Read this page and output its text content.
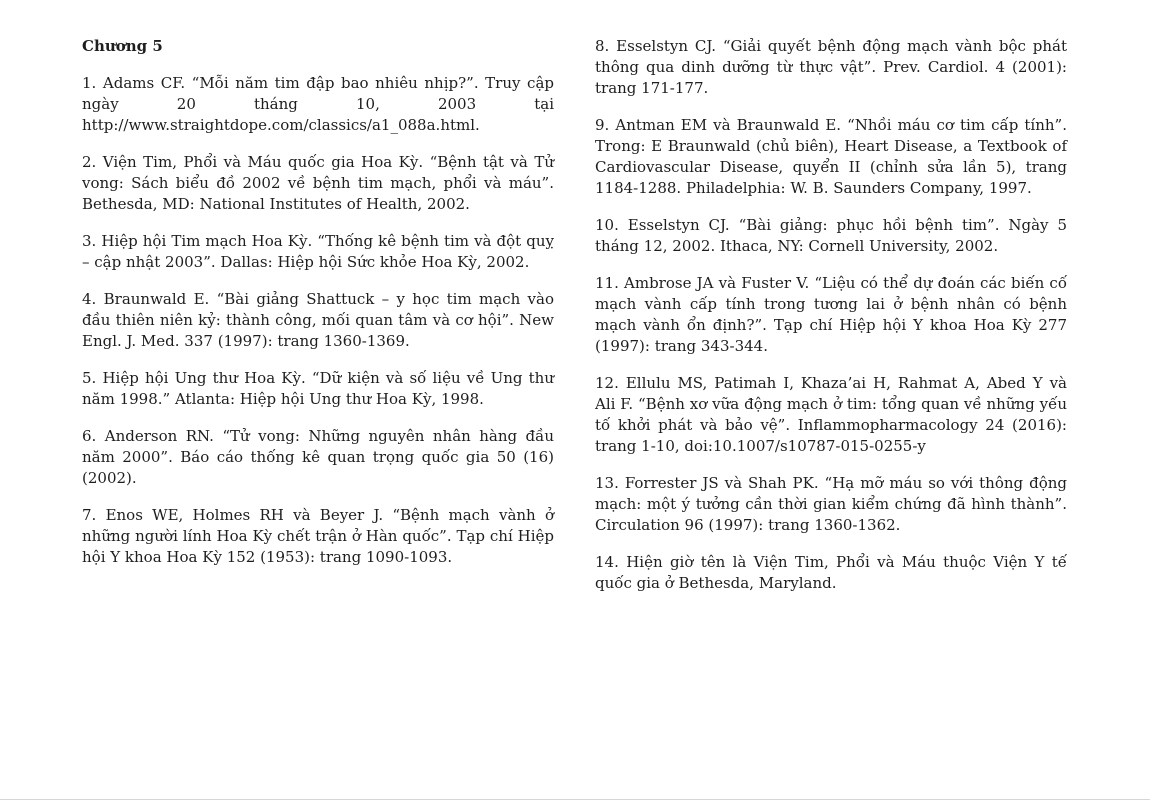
Chương 5

1. Adams CF. “Mỗi năm tim đập bao nhiêu nhịp?”. Truy cập ngày 20 tháng 10, 2003 tại http://www.straightdope.com/classics/a1_088a.html.

2. Viện Tim, Phổi và Máu quốc gia Hoa Kỳ. “Bệnh tật và Tử vong: Sách biểu đồ 2002 về bệnh tim mạch, phổi và máu”. Bethesda, MD: National Institutes of Health, 2002.

3. Hiệp hội Tim mạch Hoa Kỳ. “Thống kê bệnh tim và đột quỵ – cập nhật 2003”. Dallas: Hiệp hội Sức khỏe Hoa Kỳ, 2002.

4. Braunwald E. “Bài giảng Shattuck – y học tim mạch vào đầu thiên niên kỷ: thành công, mối quan tâm và cơ hội”. New Engl. J. Med. 337 (1997): trang 1360-1369.

5. Hiệp hội Ung thư Hoa Kỳ. “Dữ kiện và số liệu về Ung thư năm 1998.” Atlanta: Hiệp hội Ung thư Hoa Kỳ, 1998.

6. Anderson RN. “Tử vong: Những nguyên nhân hàng đầu năm 2000”. Báo cáo thống kê quan trọng quốc gia 50 (16) (2002).

7. Enos WE, Holmes RH và Beyer J. “Bệnh mạch vành ở những người lính Hoa Kỳ chết trận ở Hàn quốc”. Tạp chí Hiệp hội Y khoa Hoa Kỳ 152 (1953): trang 1090-1093.

8. Esselstyn CJ. “Giải quyết bệnh động mạch vành bộc phát thông qua dinh dưỡng từ thực vật”. Prev. Cardiol. 4 (2001): trang 171-177.

9. Antman EM và Braunwald E. “Nhồi máu cơ tim cấp tính”. Trong: E Braunwald (chủ biên), Heart Disease, a Textbook of Cardiovascular Disease, quyển II (chỉnh sửa lần 5), trang 1184-1288. Philadelphia: W. B. Saunders Company, 1997.

10. Esselstyn CJ. “Bài giảng: phục hồi bệnh tim”. Ngày 5 tháng 12, 2002. Ithaca, NY: Cornell University, 2002.

11. Ambrose JA và Fuster V. “Liệu có thể dự đoán các biến cố mạch vành cấp tính trong tương lai ở bệnh nhân có bệnh mạch vành ổn định?”. Tạp chí Hiệp hội Y khoa Hoa Kỳ 277 (1997): trang 343-344.

12. Ellulu MS, Patimah I, Khaza’ai H, Rahmat A, Abed Y và Ali F. “Bệnh xơ vữa động mạch ở tim: tổng quan về những yếu tố khởi phát và bảo vệ”. Inflammopharmacology 24 (2016): trang 1-10, doi:10.1007/s10787-015-0255-y

13. Forrester JS và Shah PK. “Hạ mỡ máu so với thông động mạch: một ý tưởng cần thời gian kiểm chứng đã hình thành”. Circulation 96 (1997): trang 1360-1362.

14. Hiện giờ tên là Viện Tim, Phổi và Máu thuộc Viện Y tế quốc gia ở Bethesda, Maryland.
